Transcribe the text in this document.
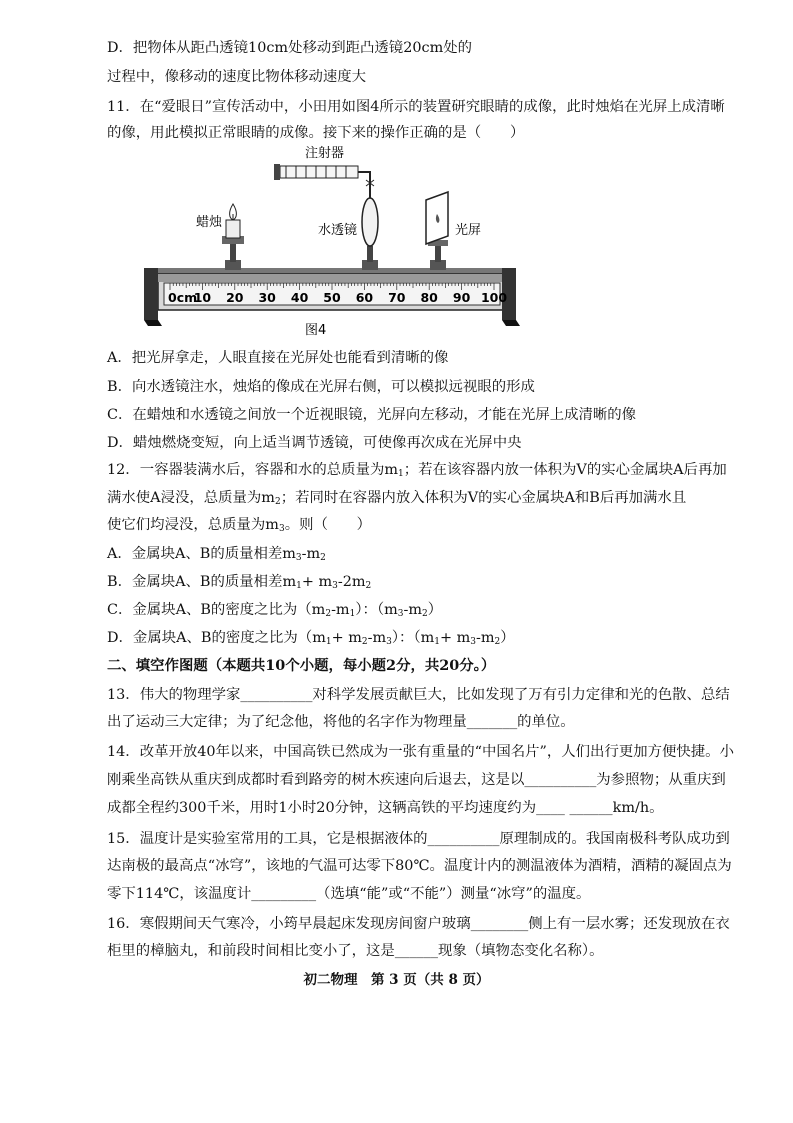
D．把物体从距凸透镜10cm处移动到距凸透镜20cm处的
过程中，像移动的速度比物体移动速度大
11．在“爱眼日”宣传活动中，小田用如图4所示的装置研究眼睛的成像，此时烛焰在光屏上成清晰
的像，用此模拟正常眼睛的成像。接下来的操作正确的是（　　）
0cm
10 20 30 40 50 60 70 80 90 100
注射器
蜡烛
水透镜	光屏
图4
A．把光屏拿走，人眼直接在光屏处也能看到清晰的像
B．向水透镜注水，烛焰的像成在光屏右侧，可以模拟远视眼的形成
C．在蜡烛和水透镜之间放一个近视眼镜，光屏向左移动，才能在光屏上成清晰的像
D．蜡烛燃烧变短，向上适当调节透镜，可使像再次成在光屏中央
12．一容器装满水后，容器和水的总质量为$m_1$；若在该容器内放一体积为V的实心金属块A后再加
满水使A浸没，总质量为$m_2$；若同时在容器内放入体积为V的实心金属块A和B后再加满水且
使它们均浸没，总质量为$m_3$。则（　　）
A．金属块A、B的质量相差$m_3-m_2$
B．金属块A、B的质量相差$m_1+ m_3-2m_2$
C．金属块A、B的密度之比为$(m_2-m_1)$：$(m_3-m_2)$
D．金属块A、B的密度之比为$(m_1+ m_2-m_3)$：$(m_1+ m_3-m_2)$
二、填空作图题（本题共10个小题，每小题2分，共20分。）
13．伟大的物理学家__________对科学发展贡献巨大，比如发现了万有引力定律和光的色散、总结
出了运动三大定律；为了纪念他，将他的名字作为物理量_______的单位。
14．改革开放40年以来，中国高铁已然成为一张有重量的“中国名片”，人们出行更加方便快捷。小
刚乘坐高铁从重庆到成都时看到路旁的树木疾速向后退去，这是以__________为参照物；从重庆到
成都全程约300千米，用时1小时20分钟，这辆高铁的平均速度约为____ ______km/h。
15．温度计是实验室常用的工具，它是根据液体的__________原理制成的。我国南极科考队成功到
达南极的最高点“冰穹”，该地的气温可达零下80℃。温度计内的测温液体为酒精，酒精的凝固点为
零下114℃，该温度计_________（选填“能”或“不能”）测量“冰穹”的温度。
16．寒假期间天气寒冷，小筠早晨起床发现房间窗户玻璃________侧上有一层水雾；还发现放在衣
柜里的樟脑丸，和前段时间相比变小了，这是______现象（填物态变化名称）。
初二物理　第 3 页（共 8 页）
